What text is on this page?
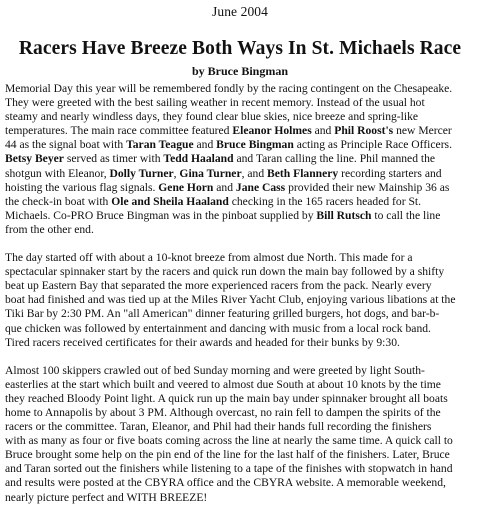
June 2004
Racers Have Breeze Both Ways In St. Michaels Race
by Bruce Bingman
Memorial Day this year will be remembered fondly by the racing contingent on the Chesapeake.
They were greeted with the best sailing weather in recent memory. Instead of the usual hot
steamy and nearly windless days, they found clear blue skies, nice breeze and spring-like
temperatures. The main race committee featured Eleanor Holmes and Phil Roost's new Mercer
44 as the signal boat with Taran Teague and Bruce Bingman acting as Principle Race Officers.
Betsy Beyer served as timer with Tedd Haaland and Taran calling the line. Phil manned the
shotgun with Eleanor, Dolly Turner, Gina Turner, and Beth Flannery recording starters and
hoisting the various flag signals. Gene Horn and Jane Cass provided their new Mainship 36 as
the check-in boat with Ole and Sheila Haaland checking in the 165 racers headed for St.
Michaels. Co-PRO Bruce Bingman was in the pinboat supplied by Bill Rutsch to call the line
from the other end.
The day started off with about a 10-knot breeze from almost due North. This made for a
spectacular spinnaker start by the racers and quick run down the main bay followed by a shifty
beat up Eastern Bay that separated the more experienced racers from the pack. Nearly every
boat had finished and was tied up at the Miles River Yacht Club, enjoying various libations at the
Tiki Bar by 2:30 PM. An "all American" dinner featuring grilled burgers, hot dogs, and bar-b-
que chicken was followed by entertainment and dancing with music from a local rock band.
Tired racers received certificates for their awards and headed for their bunks by 9:30.
Almost 100 skippers crawled out of bed Sunday morning and were greeted by light South-
easterlies at the start which built and veered to almost due South at about 10 knots by the time
they reached Bloody Point light. A quick run up the main bay under spinnaker brought all boats
home to Annapolis by about 3 PM. Although overcast, no rain fell to dampen the spirits of the
racers or the committee. Taran, Eleanor, and Phil had their hands full recording the finishers
with as many as four or five boats coming across the line at nearly the same time. A quick call to
Bruce brought some help on the pin end of the line for the last half of the finishers. Later, Bruce
and Taran sorted out the finishers while listening to a tape of the finishes with stopwatch in hand
and results were posted at the CBYRA office and the CBYRA website. A memorable weekend,
nearly picture perfect and WITH BREEZE!
